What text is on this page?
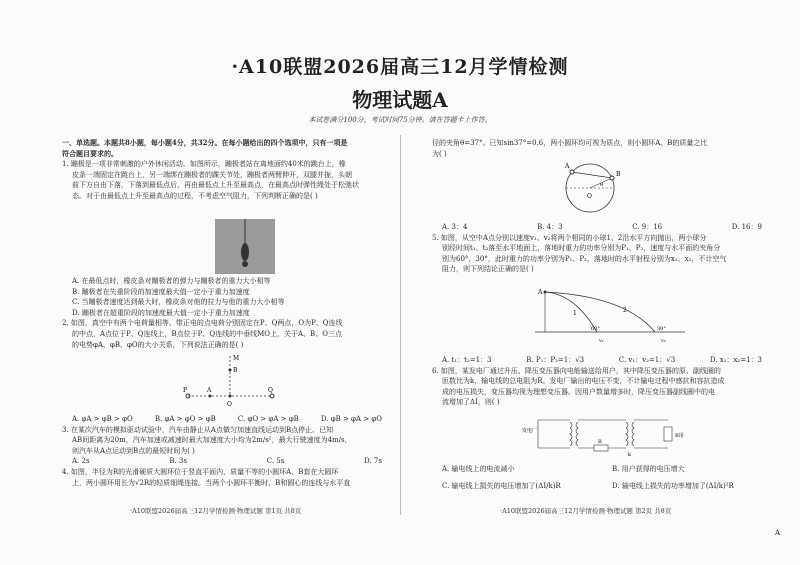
·A10联盟2026届高三12月学情检测
物理试题A
本试卷满分100分，考试时间75分钟。请在答题卡上作答。

一、单选题。本题共8小题，每小题4分，共32分。在每小题给出的四个选项中，只有一项是

符合题目要求的。

1. 蹦极是一项非常刺激的户外休闲活动。如图所示，蹦极者站在离地面约40米的跳台上，橡

皮条一端固定在跳台上，另一端绑在蹦极者的踝关节处，蹦极者两臂伸开，双腿并拢，头朝

前下方自由下落，下落到最低点后，再由最低点上升至最高点，在最高点时弹性绳处于松弛状

态。对于由最低点上升至最高点的过程，不考虑空气阻力，下列判断正确的是( )

A. 在最低点时，橡皮条对蹦极者的弹力与蹦极者的重力大小相等

B. 蹦极者在失重阶段的加速度最大值一定小于重力加速度

C. 当蹦极者速度达到最大时，橡皮条对他的拉力与他的重力大小相等

D. 蹦极者在超重阶段的加速度最大值一定小于重力加速度

2. 如图，真空中有两个电荷量相等、带正电的点电荷分别固定在P、Q两点，O为P、Q连线

的中点，A点位于P、Q连线上，B点位于P、Q连线的中垂线MO上，关于A、B、O三点

的电势φA、φB、φO的大小关系，下列说法正确的是( )

M
B
P	A
O
Q
A. φA > φB > φO	B. φA > φO > φB	C. φO > φA > φB	D. φB > φA > φO

3. 在某次汽车的模拟驱动试验中，汽车由静止从A点做匀加速直线运动到B点停止。已知

AB间距离为20m，汽车加速或减速时最大加速度大小均为2m/s²，最大行驶速度为4m/s，

则汽车从A点运动到B点的最短时间为( )

A. 2s	B. 3s	C. 5s	D. 7s

4. 如图，半径为R的光滑硬质大圆环位于竖直平面内，质量不等的小圆环A、B套在大圆环

上，两小圆环用长为√2R的轻质细绳连接。当两个小圆环平衡时，B和圆心的连线与水平直

径的夹角θ=37°。已知sin37°=0.6，两小圆环均可视为质点，则小圆环A、B的质量之比

为( )

A
B
O
θ
A. 3：4	B. 4：3	C. 9：16	D. 16：9

5. 如图，从空中A点分别以速度v₁、v₂将两个相同的小球1、2沿水平方向抛出，两小球分

别经时间t₁、t₂落至水平地面上，落地时重力的功率分别为P₁、P₂，速度与水平面的夹角分

别为60°、30°，此时重力的功率分别为P₁、P₂，落地时的水平射程分别为x₁、x₂，不计空气

阻力，则下列结论正确的是( )

A
1	2
60°	30°
v₁	v₂
A. t₁：t₂=1：3	B. P₁：P₂=1：√3	C. v₁：v₂=1：√3	D. x₁：x₂=1：3

6. 如图，某发电厂通过升压、降压变压器向电能输送给用户，其中降压变压器的原、副线圈的

匝数比为k，输电线的总电阻为R。发电厂输出的电压不变，不计输电过程中感抗和容抗造成

成的电压损失，变压器均视为理想变压器。因用户数量增多时，降压变压器副线圈中的电

流增加了ΔI，则( )

发电厂
R
k
R用
A. 输电线上的电流减小	B. 用户获得的电压增大
C. 输电线上损失的电压增加了(ΔI/k)R	D. 输电线上损失的功率增加了(ΔI/k)²R
·A10联盟2026届高三12月学情检测·物理试题 第1页 共8页	·A10联盟2026届高三12月学情检测·物理试题 第2页 共8页
A
